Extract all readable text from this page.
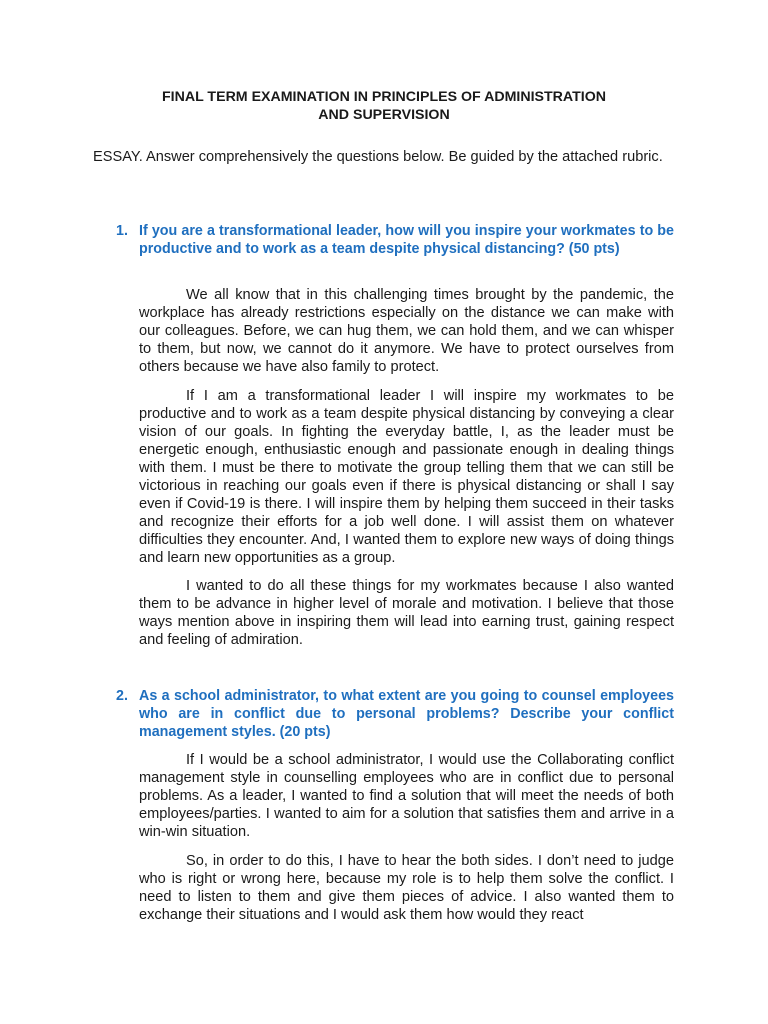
FINAL TERM EXAMINATION IN PRINCIPLES OF ADMINISTRATION
AND SUPERVISION
ESSAY. Answer comprehensively the questions below. Be guided by the attached rubric.
1. If you are a transformational leader, how will you inspire your workmates to be productive and to work as a team despite physical distancing? (50 pts)

We all know that in this challenging times brought by the pandemic, the workplace has already restrictions especially on the distance we can make with our colleagues. Before, we can hug them, we can hold them, and we can whisper to them, but now, we cannot do it anymore. We have to protect ourselves from others because we have also family to protect.

If I am a transformational leader I will inspire my workmates to be productive and to work as a team despite physical distancing by conveying a clear vision of our goals. In fighting the everyday battle, I, as the leader must be energetic enough, enthusiastic enough and passionate enough in dealing things with them. I must be there to motivate the group telling them that we can still be victorious in reaching our goals even if there is physical distancing or shall I say even if Covid-19 is there. I will inspire them by helping them succeed in their tasks and recognize their efforts for a job well done. I will assist them on whatever difficulties they encounter. And, I wanted them to explore new ways of doing things and learn new opportunities as a group.

I wanted to do all these things for my workmates because I also wanted them to be advance in higher level of morale and motivation. I believe that those ways mention above in inspiring them will lead into earning trust, gaining respect and feeling of admiration.

2. As a school administrator, to what extent are you going to counsel employees who are in conflict due to personal problems? Describe your conflict management styles. (20 pts)

If I would be a school administrator, I would use the Collaborating conflict management style in counselling employees who are in conflict due to personal problems. As a leader, I wanted to find a solution that will meet the needs of both employees/parties. I wanted to aim for a solution that satisfies them and arrive in a win-win situation.

So, in order to do this, I have to hear the both sides. I don’t need to judge who is right or wrong here, because my role is to help them solve the conflict. I need to listen to them and give them pieces of advice. I also wanted them to exchange their situations and I would ask them how would they react
